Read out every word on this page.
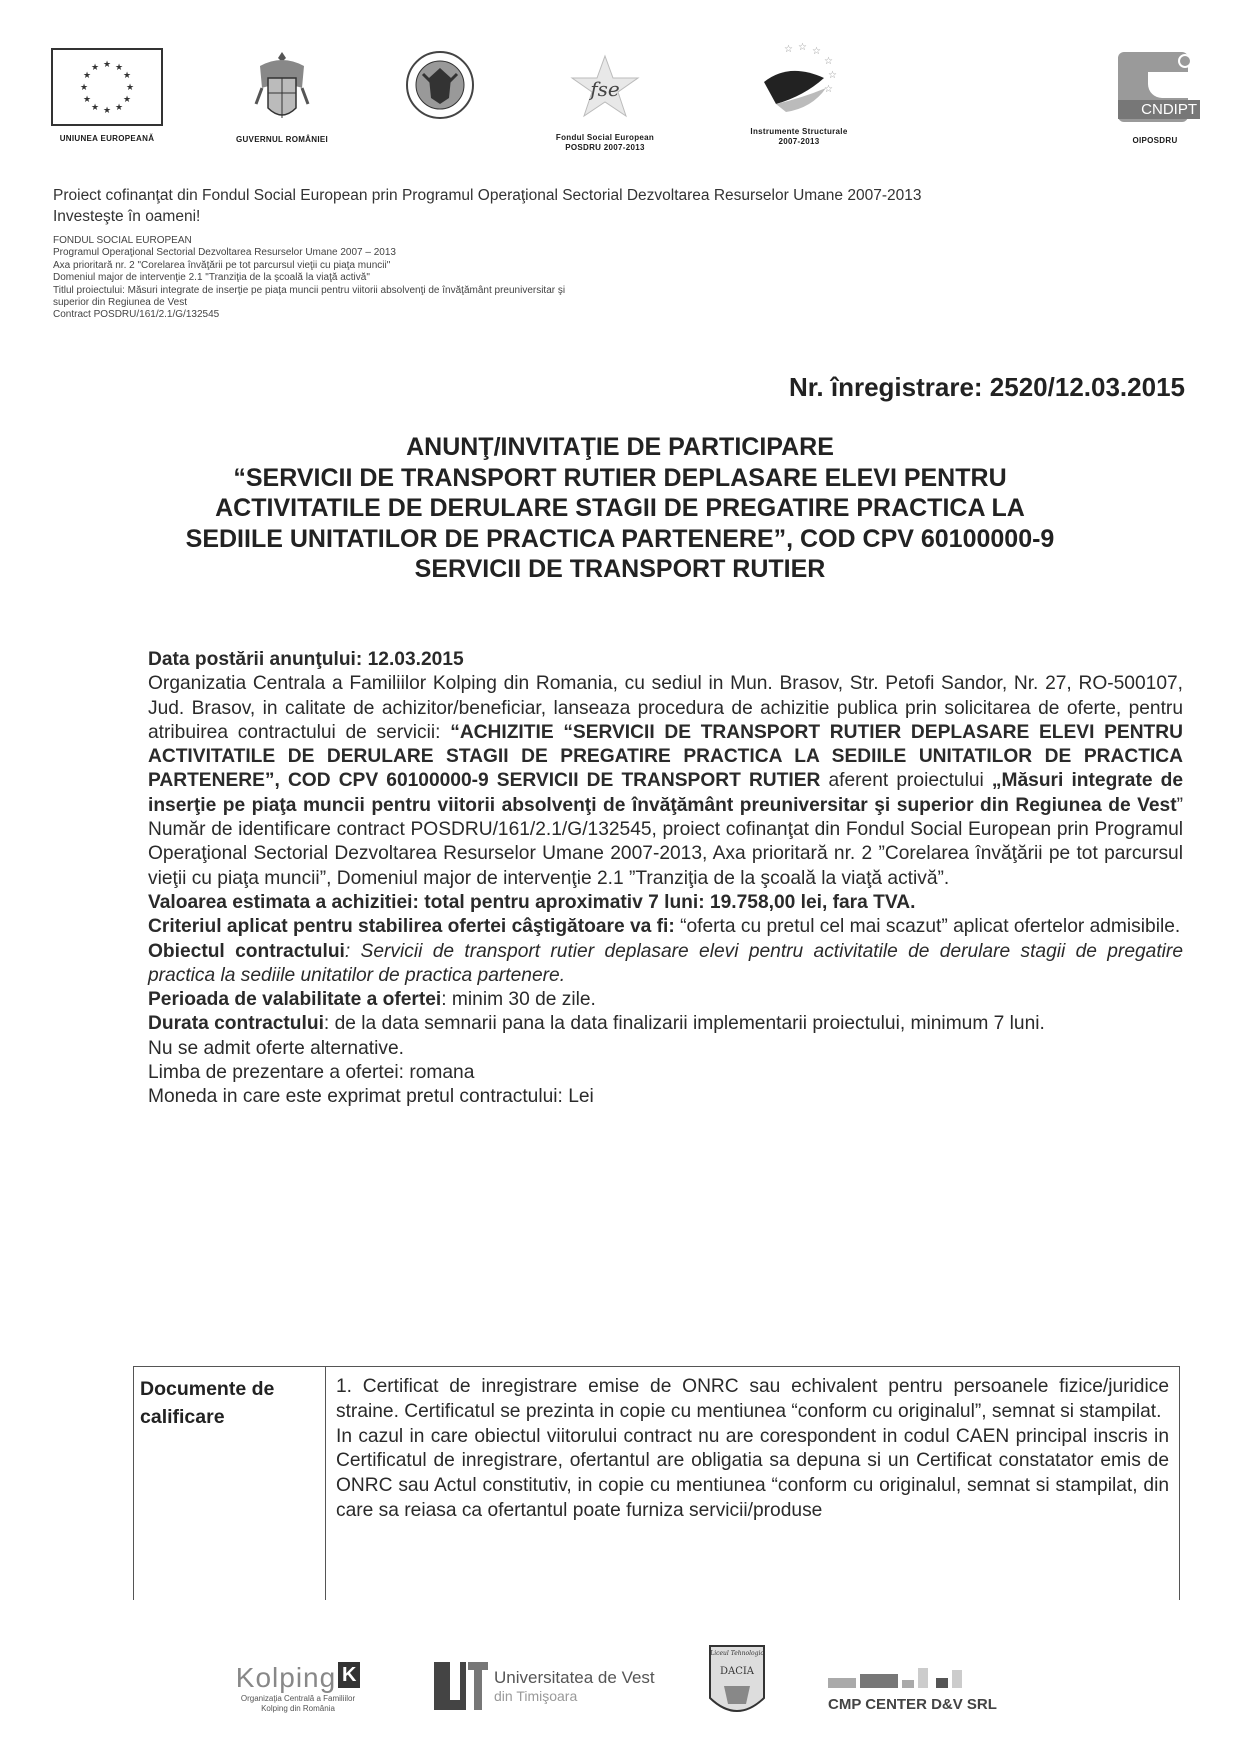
★ ★
★
★
★
★
★
★
★
★
★
★
UNIUNEA EUROPEANĂ	GUVERNUL ROMÂNIEI
fse
Fondul Social European
POSDRU 2007-2013
☆ ☆ ☆
☆
☆
☆
Instrumente Structurale
2007-2013
CNDIPT
OIPOSDRU
Proiect cofinanţat din Fondul Social European prin Programul Operaţional Sectorial Dezvoltarea Resurselor Umane 2007-2013
Investeşte în oameni!
FONDUL SOCIAL EUROPEAN
Programul Operaţional Sectorial Dezvoltarea Resurselor Umane 2007 – 2013
Axa prioritară nr. 2 "Corelarea învăţării pe tot parcursul vieţii cu piaţa muncii"
Domeniul major de intervenţie 2.1 "Tranziţia de la şcoală la viaţă activă"
Titlul proiectului: Măsuri integrate de inserţie pe piaţa muncii pentru viitorii absolvenţi de învăţământ preuniversitar şi
superior din Regiunea de Vest
Contract POSDRU/161/2.1/G/132545
Nr. înregistrare: 2520/12.03.2015
ANUNŢ/INVITAŢIE DE PARTICIPARE
“SERVICII DE TRANSPORT RUTIER DEPLASARE ELEVI PENTRU
ACTIVITATILE DE DERULARE STAGII DE PREGATIRE PRACTICA LA
SEDIILE UNITATILOR DE PRACTICA PARTENERE”, COD CPV 60100000-9
SERVICII DE TRANSPORT RUTIER

Data postării anunţului: 12.03.2015

Organizatia Centrala a Familiilor Kolping din Romania, cu sediul in Mun. Brasov, Str. Petofi Sandor, Nr. 27, RO-500107, Jud. Brasov, in calitate de achizitor/beneficiar, lanseaza procedura de achizitie publica prin solicitarea de oferte, pentru atribuirea contractului de servicii: “ACHIZITIE “SERVICII DE TRANSPORT RUTIER DEPLASARE ELEVI PENTRU ACTIVITATILE DE DERULARE STAGII DE PREGATIRE PRACTICA LA SEDIILE UNITATILOR DE PRACTICA PARTENERE”, COD CPV 60100000-9 SERVICII DE TRANSPORT RUTIER aferent proiectului „Măsuri integrate de inserţie pe piaţa muncii pentru viitorii absolvenţi de învăţământ preuniversitar şi superior din Regiunea de Vest” Număr de identificare contract POSDRU/161/2.1/G/132545, proiect cofinanţat din Fondul Social European prin Programul Operaţional Sectorial Dezvoltarea Resurselor Umane 2007-2013, Axa prioritară nr. 2 ”Corelarea învăţării pe tot parcursul vieţii cu piaţa muncii”, Domeniul major de intervenţie 2.1 ”Tranziţia de la şcoală la viaţă activă”.

Valoarea estimata a achizitiei: total pentru aproximativ 7 luni: 19.758,00 lei, fara TVA.

Criteriul aplicat pentru stabilirea ofertei câştigătoare va fi: “oferta cu pretul cel mai scazut” aplicat ofertelor admisibile.

Obiectul contractului: Servicii de transport rutier deplasare elevi pentru activitatile de derulare stagii de pregatire practica la sediile unitatilor de practica partenere.

Perioada de valabilitate a ofertei: minim 30 de zile.

Durata contractului: de la data semnarii pana la data finalizarii implementarii proiectului, minimum 7 luni.

Nu se admit oferte alternative.

Limba de prezentare a ofertei: romana

Moneda in care este exprimat pretul contractului: Lei

Documente de calificare

1. Certificat de inregistrare emise de ONRC sau echivalent pentru persoanele fizice/juridice straine. Certificatul se prezinta in copie cu mentiunea “conform cu originalul”, semnat si stampilat.

In cazul in care obiectul viitorului contract nu are corespondent in codul CAEN principal inscris in Certificatul de inregistrare, ofertantul are obligatia sa depuna si un Certificat constatator emis de ONRC sau Actul constitutiv, in copie cu mentiunea “conform cu originalul, semnat si stampilat, din care sa reiasa ca ofertantul poate furniza servicii/produse

Kolping K
Organizaţia Centrală a Familiilor
Kolping din România
Universitatea de Vest
din Timişoara
Liceul Tehnologic
DACIA
CMP CENTER D&V SRL
